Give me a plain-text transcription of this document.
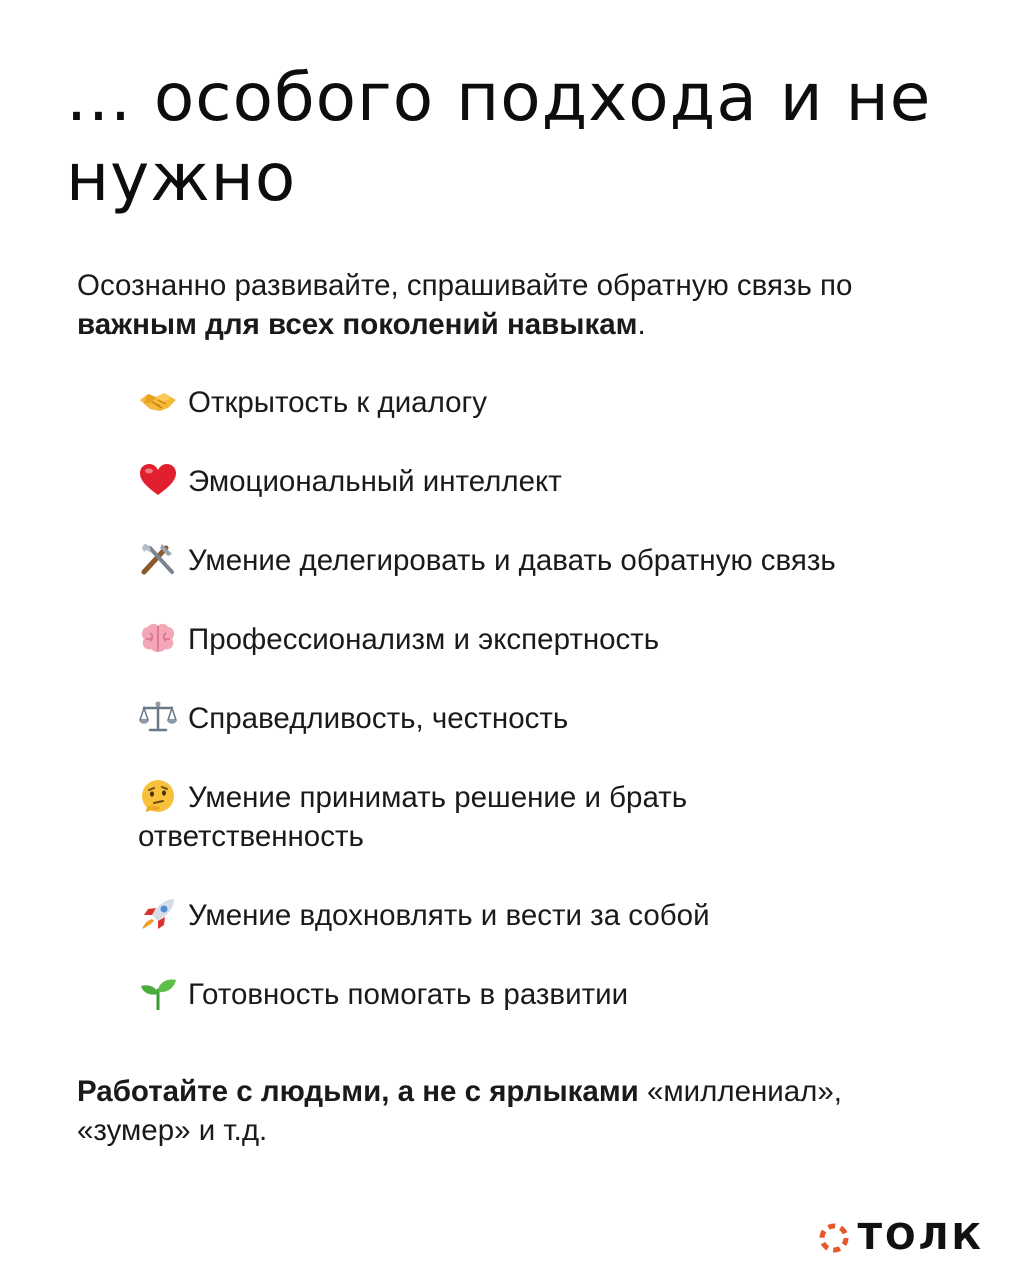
... особого подхода и не нужно

Осознанно развивайте, спрашивайте обратную связь по важным для всех поколений навыкам.

Открытость к диалогу
Эмоциональный интеллект
Умение делегировать и давать обратную связь
Профессионализм и экспертность
Справедливость, честность
Умение принимать решение и брать ответственность
Умение вдохновлять и вести за собой
Готовность помогать в развитии

Работайте с людьми, а не с ярлыками «миллениал», «зумер» и т.д.

ТОЛК
